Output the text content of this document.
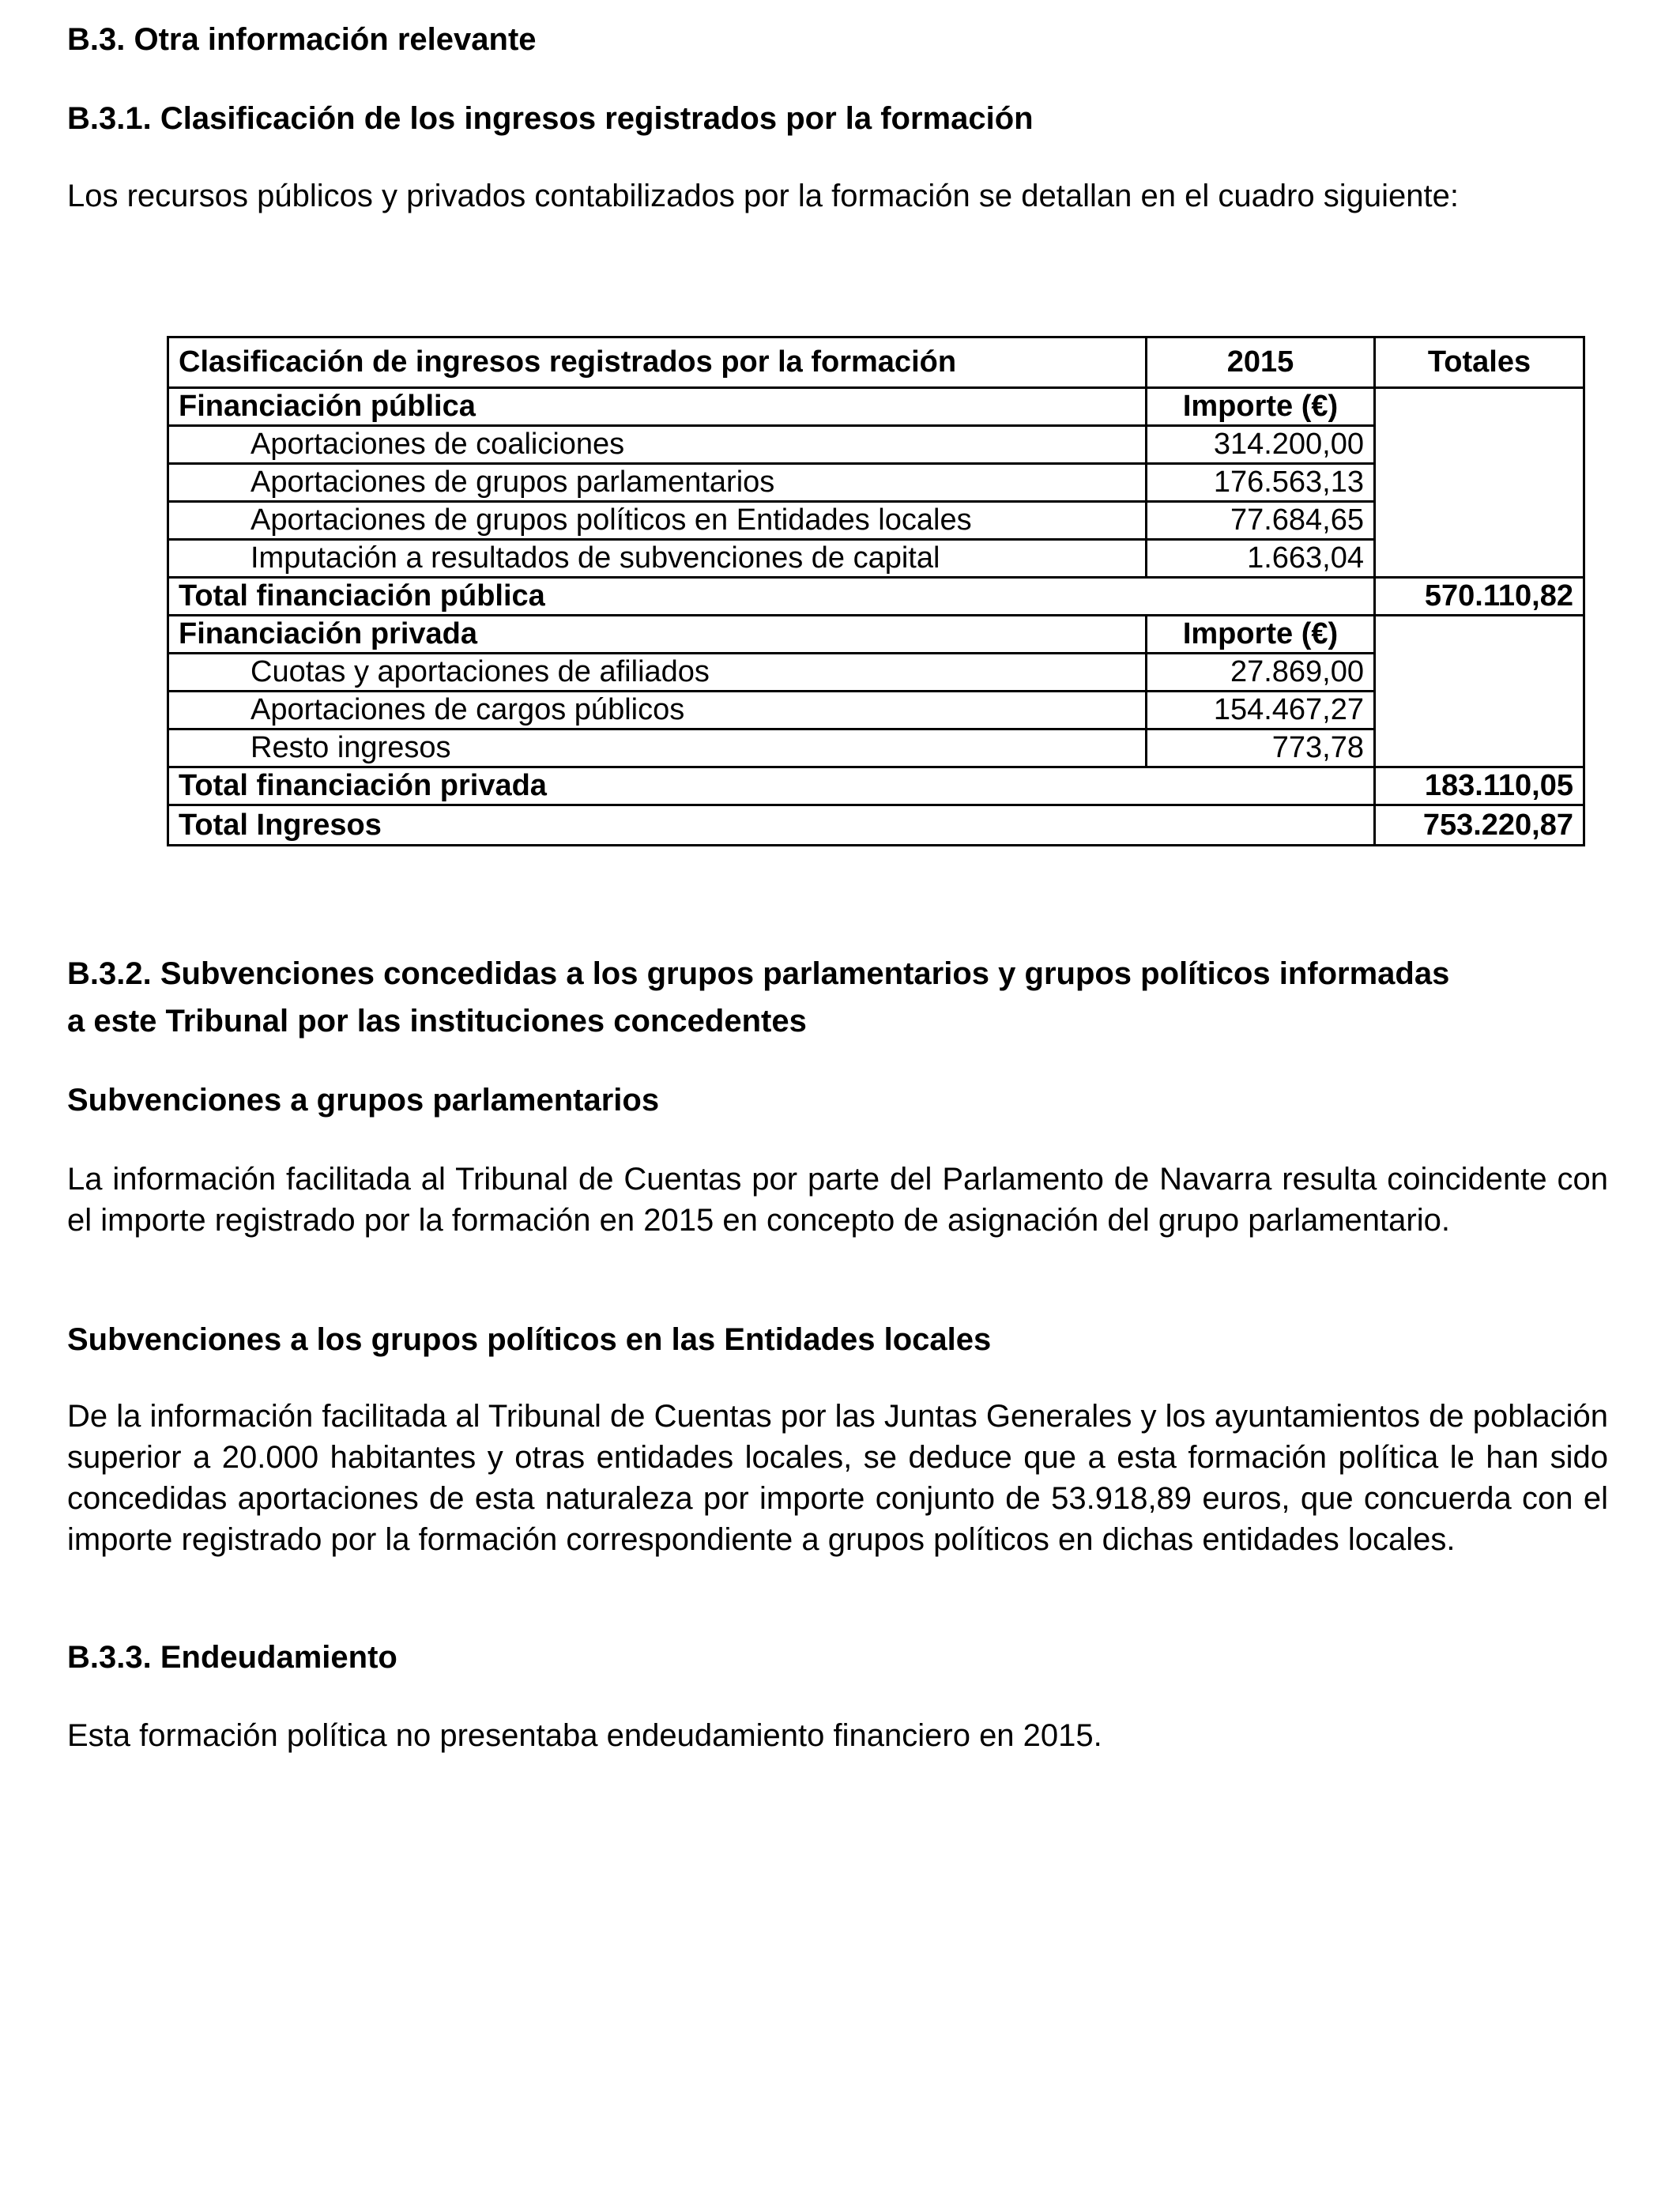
B.3. Otra información relevante
B.3.1. Clasificación de los ingresos registrados por la formación

Los recursos públicos y privados contabilizados por la formación se detallan en el cuadro siguiente:

Clasificación de ingresos registrados por la formación	2015	Totales
Financiación pública	Importe (€)	
Aportaciones de coaliciones	314.200,00	
Aportaciones de grupos parlamentarios	176.563,13	
Aportaciones de grupos políticos en Entidades locales	77.684,65	
Imputación a resultados de subvenciones de capital	1.663,04	
Total financiación pública		570.110,82
Financiación privada	Importe (€)	
Cuotas y aportaciones de afiliados	27.869,00	
Aportaciones de cargos públicos	154.467,27	
Resto ingresos	773,78	
Total financiación privada		183.110,05
Total Ingresos		753.220,87
B.3.2. Subvenciones concedidas a los grupos parlamentarios y grupos políticos informadas
a este Tribunal por las instituciones concedentes
Subvenciones a grupos parlamentarios

La información facilitada al Tribunal de Cuentas por parte del Parlamento de Navarra resulta coincidente con el importe registrado por la formación en 2015 en concepto de asignación del grupo parlamentario.

Subvenciones a los grupos políticos en las Entidades locales

De la información facilitada al Tribunal de Cuentas por las Juntas Generales y los ayuntamientos de población superior a 20.000 habitantes y otras entidades locales, se deduce que a esta formación política le han sido concedidas aportaciones de esta naturaleza por importe conjunto de 53.918,89 euros, que concuerda con el importe registrado por la formación correspondiente a grupos políticos en dichas entidades locales.

B.3.3. Endeudamiento

Esta formación política no presentaba endeudamiento financiero en 2015.
